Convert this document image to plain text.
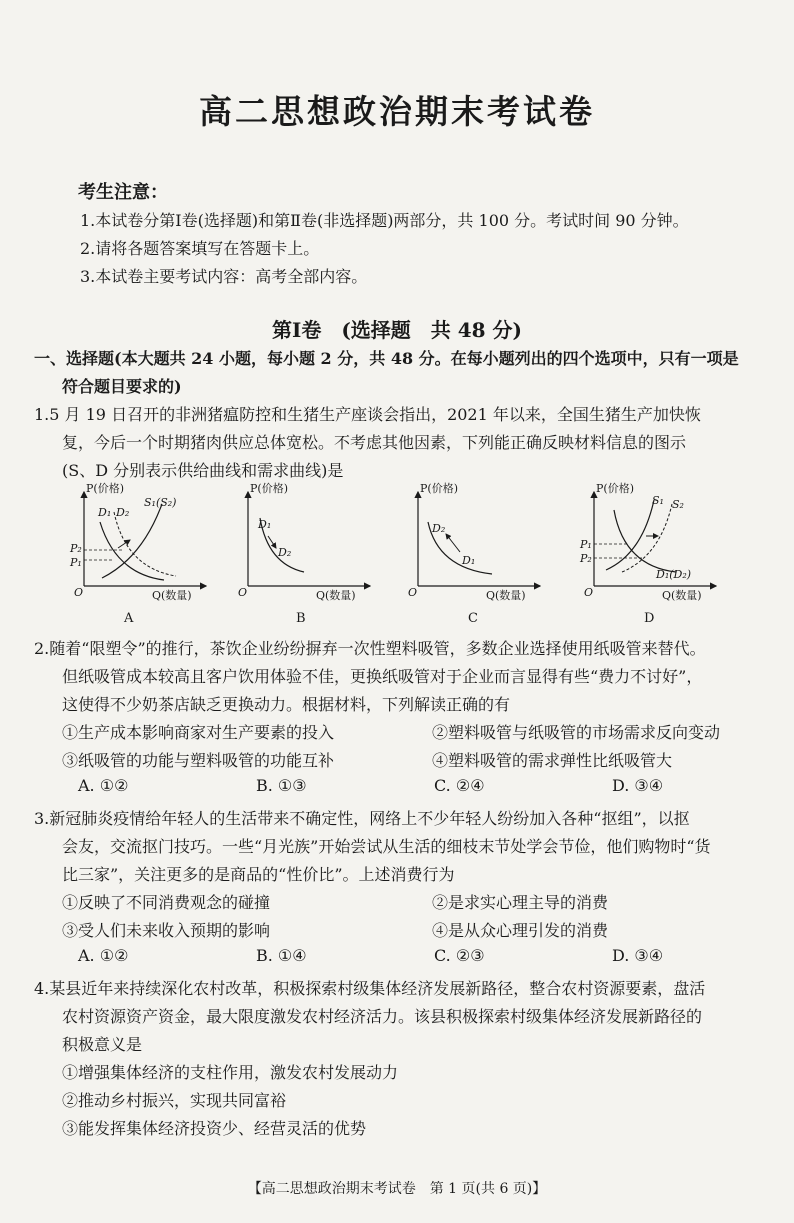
高二思想政治期末考试卷
考生注意：
1.本试卷分第Ⅰ卷(选择题)和第Ⅱ卷(非选择题)两部分，共 100 分。考试时间 90 分钟。
2.请将各题答案填写在答题卡上。
3.本试卷主要考试内容：高考全部内容。
第Ⅰ卷　(选择题　共 48 分)
一、选择题(本大题共 24 小题，每小题 2 分，共 48 分。在每小题列出的四个选项中，只有一项是
符合题目要求的)
1.5 月 19 日召开的非洲猪瘟防控和生猪生产座谈会指出，2021 年以来，全国生猪生产加快恢
复，今后一个时期猪肉供应总体宽松。不考虑其他因素，下列能正确反映材料信息的图示
(S、D 分别表示供给曲线和需求曲线)是
P(价格)
Q(数量)
O
D₁ D₂
S₁(S₂)
P₂
P₁
A
P(价格)
Q(数量)
O
D₁
D₂
B
P(价格)
Q(数量)
O
D₂
D₁
C
P(价格)
Q(数量)
O
S₁ S₂
P₁
P₂
D₁(D₂)
D
2.随着“限塑令”的推行，茶饮企业纷纷摒弃一次性塑料吸管，多数企业选择使用纸吸管来替代。
但纸吸管成本较高且客户饮用体验不佳，更换纸吸管对于企业而言显得有些“费力不讨好”，
这使得不少奶茶店缺乏更换动力。根据材料，下列解读正确的有
①生产成本影响商家对生产要素的投入	②塑料吸管与纸吸管的市场需求反向变动
③纸吸管的功能与塑料吸管的功能互补	④塑料吸管的需求弹性比纸吸管大
A. ①②	B. ①③	C. ②④	D. ③④
3.新冠肺炎疫情给年轻人的生活带来不确定性，网络上不少年轻人纷纷加入各种“抠组”，以抠
会友，交流抠门技巧。一些“月光族”开始尝试从生活的细枝末节处学会节俭，他们购物时“货
比三家”，关注更多的是商品的“性价比”。上述消费行为
①反映了不同消费观念的碰撞	②是求实心理主导的消费
③受人们未来收入预期的影响	④是从众心理引发的消费
A. ①②	B. ①④	C. ②③	D. ③④
4.某县近年来持续深化农村改革，积极探索村级集体经济发展新路径，整合农村资源要素，盘活
农村资源资产资金，最大限度激发农村经济活力。该县积极探索村级集体经济发展新路径的
积极意义是
①增强集体经济的支柱作用，激发农村发展动力
②推动乡村振兴，实现共同富裕
③能发挥集体经济投资少、经营灵活的优势
【高二思想政治期末考试卷　第 1 页(共 6 页)】
